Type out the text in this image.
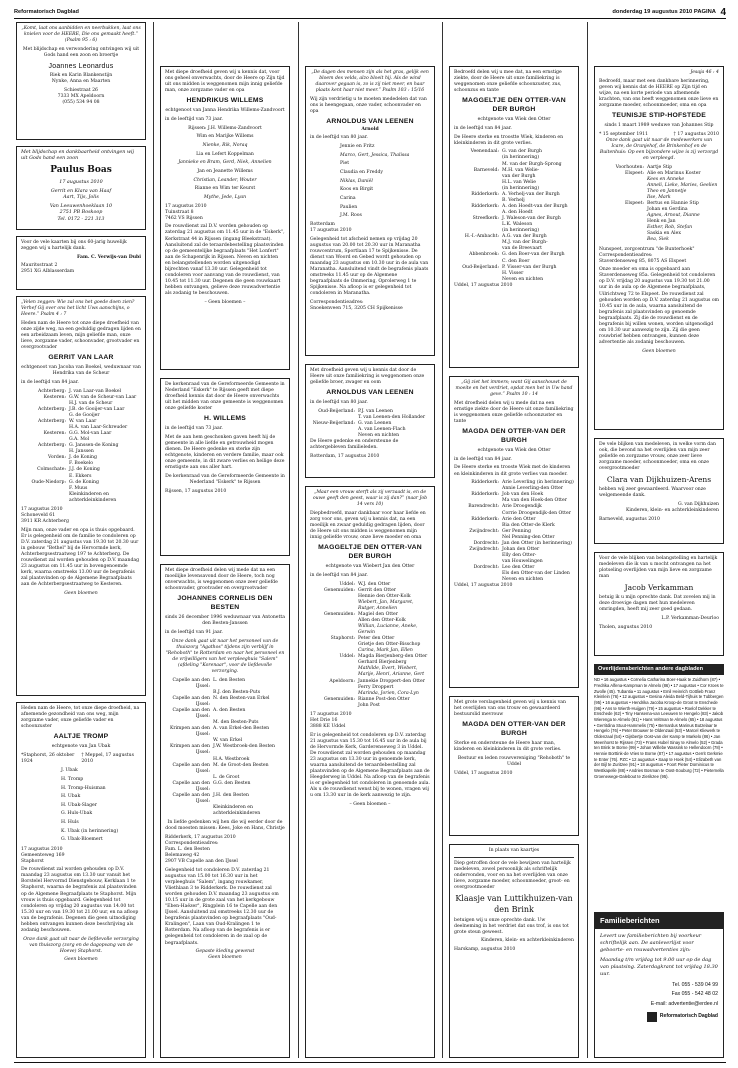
Reformatorisch Dagblad	donderdag 19 augustus 2010 PAGINA 4

„Komt, laat ons aanbidden en neerbukken, laat ons knielen voor de HEERE, Die ons gemaakt heeft.” (Psalm 95 : 6)

Met blijdschap en verwondering ontvingen wij uit Gods hand een zoon en broertje

Joannes Leonardus

Riek en Karin Blankenstijn
Nynke, Anna en Maarten

Schiestraat 26
7333 MX Apeldoorn
(055) 534 94 08

Met blijdschap en dankbaarheid ontvingen wij uit Gods hand een zoon

Paulus Boas

17 augustus 2010

Gerrit en Klara van Haaf
Aart, Tijs, Jolis

Van Leeuwenhoeklaan 10
2751 PB Boskoop
Tel. 0172 - 221 313

Voor de vele kaarten bij ons 60-jarig huwelijk zeggen wij u hartelijk dank.

Fam. C. Verwijs-van Dubi

Mauritsstraat 2
2951 XG Alblasserdam

„Velen zeggen: Wie zal ons het goede doen zien? Verhef Gij over ons het licht Uws aanschijns, o Heere.” Psalm 4 : 7

Heden nam de Heere tot onze diepe droefheid van onze zijde weg, na een geduldig gedragen lijden en een arbeidzaam leven, mijn geliefde man, onze lieve, zorgzame vader, schoonvader, grootvader en overgrootvader

GERRIT VAN LAAR

echtgenoot van Jacoba van Boekel, weduwnaar van Hendrika van de Scheur

in de leeftijd van 84 jaar.

Achterberg: J. van Laar-van Boekel
Kesteren: G.W. van de Scheur-van Laar
H.J. van de Scheur
Achterberg: J.B. de Gooijer-van Laar
G. de Gooijer
Achterberg: W. van Laar
H.A. van Laar-Schreuder
Kesteren: G.G. Mol-van Laar
G.A. Mol
Achterberg: G. Janssen-de Koning
H. Janssen
Vorden: J. de Koning
F. Boekelo
Colmschate: J.J. de Koning
E. Ekkers
Oude-Niedorp: G. de Koning
F. Muus
Kleinkinderen en
achterkleinkinderen

17 augustus 2010
Schoneveld 61
3911 KR Achterberg

Mijn man, onze vader en opa is thuis opgebaard. Er is gelegenheid om de familie te condoleren op D.V. zaterdag 21 augustus van 19.30 tot 20.30 uur in gebouw "Bethel" bij de Hervormde kerk, Achterbergsestraatweg 197 te Achterberg. De rouwdienst zal worden gehouden op D.V. maandag 23 augustus om 11.45 uur in bovengenoemde kerk, waarna omstreeks 13.00 uur de begrafenis zal plaatsvinden op de Algemene Begraafplaats aan de Achterbergsestraatweg te Kesteren.

Geen bloemen

Heden nam de Heere, tot onze diepe droefheid, na afnemende gezondheid van ons weg, mijn zorgzame vader, onze geliefde vader en schoonzuster

AALTJE TROMP

echtgenote van Jan Ubak

*Staphorst, 26 oktober 1924
† Meppel, 17 augustus 2010

J. Ubak

H. Tromp

H. Tromp-Huisman

H. Ubak

H. Ubak-Slager

G. Huls-Ubak

H. Huls

K. Ubak (in herinnering)

G. Ubak-Bloemert

17 augustus 2010
Gemeenteweg 169
Staphorst

De rouwdienst zal worden gehouden op D.V. maandag 23 augustus om 13.30 uur vanuit het Borstelel Hervormd Dienstgebouw, Kerklaan 1 te Staphorst, waarna de begrafenis zal plaatsvinden op de Algemene Begraafplaats te Staphorst. Mijn vrouw is thuis opgebaard. Gelegenheid tot condoleren op vrijdag 20 augustus van 14.00 tot 15.30 uur en van 19.30 tot 21.00 uur, en na afloop van de begrafenis. Degenen die geen uitnodiging hebben ontvangen kunnen deze beschrijving als zodanig beschouwen.

Onze dank gaat uit naar de liefdevolle verzorging van thuiszorg (zorg en de dagopvang van de Hoeve) Staphorst.

Geen bloemen

Met diepe droefheid geven wij u kennis dat, voor ons geheel onverwachts, door de Heere op Zijn tijd uit ons midden is weggenomen mijn innig geliefde man, onze zorgzame vader en opa

HENDRIKUS WILLEMS

echtgenoot van Janna Hendrika Willems-Zandvoort

in de leeftijd van 73 jaar.

Rijssen: J.H. Willems-Zandvoort

Wim en Marijke Willems

Nienke, Rik, Noraq

Lia en Lefert Koppelman

Jannieke en Bram, Gerd, Niek, Annelien

Jan en Jeanette Willems

Christian, Leander, Wouter

Rianne en Wim ter Keurst

Mythe, Jede, Lyan

17 augustus 2010
Tuinstraat 8
7462 VS Rijssen

De rouwdienst zal D.V. worden gehouden op zaterdag 21 augustus om 11.45 uur in de "Eskerk", Kerkstraat 44 in Rijssen (ingang Bleekstraat). Aansluitend zal de teraardebestelling plaatsvinden op de gemeentelijke begraafplaats "Het Lonfert" aan de Schapenrijk in Rijssen. Neven en nichten en belangstellenden worden uitgenodigd bijrechten vanaf 13.30 uur. Gelegenheid tot condoleren voor aanvang van de rouwdienst, van 10.45 tot 11.30 uur. Degenen die geen rouwkaart hebben ontvangen, gelieve deze rouwadvertentie als zodanig te beschouwen.

– Geen bloemen –

De kerkenraad van de Gereformeerde Gemeente in Nederland "Eskerk" te Rijssen geeft met diepe droefheid kennis dat door de Heere onverwachts uit het midden van onze gemeente is weggenomen onze geliefde koster

H. WILLEMS

in de leeftijd van 73 jaar.

Met de aan hem geschonken gaven heeft hij de gemeente in alle liefde en getrouwheid mogen dienen. De Heere gedenke en sterke zijn echtgenote, kinderen en verdere familie, maar ook onze gemeente, in dit zware verlies en heilige deze ernstigste aan ons aller hart.

De kerkenraad van de Gereformeerde Gemeente in Nederland "Eskerk" te Rijssen

Rijssen, 17 augustus 2010

Met diepe droefheid delen wij mede dat na een moeilijke levensavond door de Heere, toch nog onverwachts, is weggenomen onze zeer geliefde schoonvader, grootvader en overgrootvader

JOHANNES CORNELIS DEN BESTEN

sinds 26 december 1996 weduwnaar van Antonetta den Besten-Janssen

in de leeftijd van 91 jaar.

Onze dank gaat uit naar het personeel van de thuiszorg "Agathos" tijdens zijn verblijf in "Rehoboth" te Rotterdam en naar het personeel en de vrijwilligers van het verpleeghuis "Salem" (afdeling "Korenaar", voor de liefdevolle verzorging.

Capelle aan den IJssel:
L. den Besten
B.J. den Besten-Puts
Capelle aan den IJssel:
N. den Besten-van Erkel
Capelle aan den IJssel:
A. den Besten
M. den Besten-Puts
Krimpen aan den IJssel:
A. van Erkel-den Besten
W. van Erkel
Krimpen aan den IJssel:
J.W. Westbroek-den Besten
H.A. Westbroek
Capelle aan den IJssel:
M. de Groot-den Besten
L. de Groot
Capelle aan den IJssel:
G.G. den Besten
Capelle aan den IJssel:
J.H. den Besten
Kleinkinderen en achterkleinkinderen

In liefde gedenken wij hen die wij eerder door de dood moesten missen: Kees, Joke en Hans, Christje

Ridderkerk, 17 augustus 2010
Correspondentieadres:
Fam. L. den Besten
Belemaweg 42
2907 VB Capelle aan den IJssel

Gelegenheid tot condoleren D.V. zaterdag 21 augustus van 15.00 tot 16.30 uur in het verpleeghuis "Salem", ingang rouwkamer, Vliethlaan 3 te Ridderkerk. De rouwdienst zal worden gehouden D.V. maandag 23 augustus om 10.15 uur in de grote zaal van het kerkgebouw "Eben-Haëzer", Ringplein 16 te Capelle aan den IJssel. Aansluitend zal omstreeks 12.30 uur de begrafenis plaatsvinden op begraafplaats "Oud-Kralingen", Laan van Oud-Kralingen 1 te Rotterdam. Na afloop van de begrafenis is er gelegenheid tot condoleren in de zaal op de begraafplaats.

Gepaste kleding gewenst
Geen bloemen

„De dagen des mensen zijn als het gras, gelijk een bloem des velds, alzo bloeit hij. Als de wind daarover gegaan is, zo is zij niet meer, en haar plaats kent haar niet meer.” Psalm 103 : 15/16

Wij zijn verdrietig u te moeten mededelen dat van ons is heengegaan, onze vader, schoonvader en opa

ARNOLDUS VAN LEENEN

Arnold

in de leeftijd van 80 jaar.

Jennie en Fritz

Marco, Gert, Jessica, Thalissa

Piet

Claudia en Freddy

Niklas, Daniël

Koos en Birgit

Carina

Paulien

J.M. Roos

Rotterdam
17 augustus 2010

Gelegenheid tot afscheid nemen op vrijdag 20 augustus van 20.00 tot 20.30 uur in Maranatha rouwcentrum, Sportlaan 17 te Spijkenisse. De dienst van Woord en Gebed wordt gehouden op maandag 23 augustus om 10.30 uur in de aula van Maranatha. Aansluitend vindt de begrafenis plaats omstreeks 11.45 uur op de Algemene begraafplaats de Ommering, Oprolerweg 1 te Spijkenisse. Na afloop is er gelegenheid tot condoleren in Maranatha.

Correspondentieadres:
Snoekenveen 715, 3205 CH Spijkenisse

Met droefheid geven wij u kennis dat door de Heere uit onze familiekring is weggenomen onze geliefde broer, zwager en oom

ARNOLDUS VAN LEENEN

in de leeftijd van 80 jaar.

Oud-Beijerland: P.J. van Leenen
T. van Leenen-den Hollander
Nieuw-Beijerland: G. van Leenen
A. van Leenen-Flach
Neven en nichten

De Heere gedenke en ondersteune de achtergebleven familieleden.

Rotterdam, 17 augustus 2010

„Maar een vrouw sterft als zij verzaadt is, en de ouwe geeft den geest, waar is zij dan?” (naar Job 14 vers 10)

Diepbedroefd, maar dankbaar voor haar liefde en zorg voor ons, geven wij u kennis dat, na een moeilijk en zwaar geduldig gedragen lijden, door de Heere uit ons midden is weggenomen mijn innig geliefde vrouw, onze lieve moeder en oma

MAGGELTJE DEN OTTER-VAN DER BURGH

echtgenote van Wiebert Jan den Otter

in de leeftijd van 84 jaar.

Uddel: W.J. den Otter
Genemuiden: Gerrit den Otter
Hennie den Otter-Kolk
Wiebert, Jan, Margaret, Rutger, Annelien
Genemuiden: Magiel den Otter
Allen den Otter-Kolk
Willian, Lucianne, Aneke, Gerwin
Staphorst: Peter den Otter
Grietje den Otter-Bisschop
Carina, Mark Jan, Ellen
Uddel: Magda Bierjenberg-den Otter
Gerhard Bierjenberg
Mathilde, Evert, Wiebert, Marije, Henri, Arianne, Gert
Apeldoorn: Jannekie Droppert-den Otter
Ferry Droppert
Marinda, Jorien, Cora-Lyn
Genemuiden: Rianne Post-den Otter
John Post

17 augustus 2010
Het Drie 16
3888 KE Uddel

Er is gelegenheid tot condoleren op D.V. zaterdag 21 augustus van 15.30 tot 16.45 uur in de aula bij de Hervormde Kerk, Garderenseweg 3 in Uddel. De rouwdienst zal worden gehouden op maandag 23 augustus om 13.30 uur in genoemde kerk, waarna aansluitend de teraardebestelling zal plaatsvinden op de Algemene Begraafplaats aan de Heegderweg in Uddel. Na afloop van de begrafenis is er gelegenheid tot condoleren in genoemde aula. Als u de rouwdienst wenst bij te wonen, vragen wij u om 13.30 uur in de kerk aanwezig te zijn.

– Geen bloemen –

Bedroefd delen wij u mee dat, na een ernstige ziekte, door de Heere uit onze familiekring is weggenomen onze geliefde schoonzuster, zus, schoonzus en tante

MAGGELTJE DEN OTTER-VAN DER BURGH

echtgenote van Wiek den Otter

in de leeftijd van 84 jaar.

De Heere sterke en troostte Wiek, kinderen en kleinkinderen in dit grote verlies.

Veenendaal: G. van der Burgh
(in herinnering)
M. van der Burgh-Sprong
Barneveld: M.H. van Welie-
van der Burgh
H.L. van Welie
(in herinnering)
Ridderkerk: A. Verhelj-van der Burgh
B. Verhelj
Ridderkerk: A. den Hoedt-van der Burgh
A. den Hoedt
Streefkerk: J. Waleson-van der Burgh
L.K. Waleson
(in herinnering)
H.-I.-Ambacht: A.G. van der Burgh
M.J. van der Burgh-
van de Breevaart
Abbenbroek: G. den Boer-van der Burgh
C. den Boer
Oud-Beijerland: P. Visser-van der Burgh
H. Visser
Neven en nichten

Uddel, 17 augustus 2010

„Gij ziet het immers; want Gij aanschouwt de moeite en het verdriet, opdat men het in Uw hand geve.” Psalm 10 : 14

Met droefheid delen wij u mede dat na een ernstige ziekte door de Heere uit onze familiekring is weggenomen onze geliefde schoonzuster en tante

MAGDA DEN OTTER-VAN DER BURGH

echtgenote van Wiek den Otter

in de leeftijd van 84 jaar.

De Heere sterke en trooste Wiek met de kinderen en kleinkinderen in dit grote verlies van moeder.

Ridderkerk: Arie Leverling (in herinnering)
Annie Leverling-den Otter
Ridderkerk: Job van den Hoek
Ma van den Hoek-den Otter
Barendrecht: Arie Droogendijk
Corrie Droogendijk-den Otter
Ridderkerk: Arie den Otter
Bia den Otter-de Klerk
Zwijndrecht: Ger Penning
Nel Penning-den Otter
Dordrecht: Jan den Otter (in herinnering)
Zwijndrecht: Johan den Otter
Elly den Otter-
van Houwelingen
Dordrecht: Leo den Otter
Els den Otter-van der Linden
Neven en nichten

Uddel, 17 augustus 2010

Met grote verslagenheid geven wij u kennis van het overlijden van ons trouw en gewaardeerd bestuurslid mevrouw

MAGDA DEN OTTER-VAN DER BURGH

Sterke en ondersteune de Heere haar man, kinderen en kleinkinderen in dit grote verlies.

Bestuur en leden rouwvereniging "Rehoboth" te Uddel

Uddel, 17 augustus 2010

In plaats van kaartjes

Diep getroffen door de vele bewijzen van hartelijk medeleven, zowel persoonlijk als schriftelijk ondervonden, voor en na het overlijden van onze lieve, zorgzame moeder, schoonmoeder, groot- en overgrootmoeder

Klaasje van Luttikhuizen-van den Brink

betuigen wij u onze oprechte dank. Uw deelneming in het verdriet dat ons trof, is ons tot grote steun geweest.

Kinderen, klein- en achterkleinkinderen

Harskamp, augustus 2010

Jesaja 46 : 4

Bedroefd, maar met een dankbare herinnering, geven wij kennis dat de HEERE op Zijn tijd en wijze, na een korte periode van afnemende krachten, van ons heeft weggenomen onze lieve en zorgzame moeder, schoonmoeder, oma en opa

TEUNISJE STIP-HOFSTEDE

sinds 1 maart 1989 weduwe van Johannes Stip

* 15 september 1911	† 17 augustus 2010

Onze dank gaat uit naar de medewerkers van Icare, de Oranjehof, de Brinkenhof en de Buitenhuis: Op een bijzondere wijze is zij verzorgd en verpleegd.

Voorhouten: Aartje Stip
Elspeet: Alie en Marinus Koster
Kees en Anneke
Anneli, Lieke, Maries, Geelien
Theo en Jannetje
Ilse, Mark
Elspeet: Bertus en Hannie Stip
Johan en Gerdina
Agnes, Arnout, Dianne
Henk en Jan
Esther, Rob, Stefan
Saskia en Alex
Bea, Siek

Nunspeet, zorgcentrum "de Bunterhoek"
Correspondentieadres:
Staverdenseweg 85, 8075 AS Elspeet

Onze moeder en oma is opgebaard aan Staverdenseweg 85a. Gelegenheid tot condoleren op D.V. vrijdag 20 augustus van 19.30 tot 21.00 uur in de aula op de Algemene begraafplaats, Uilrichtweg 72 te Elspeet. De rouwdienst zal gehouden worden op D.V. zaterdag 21 augustus om 10.45 uur in de aula, waarna aansluitend de begrafenis zal plaatsvinden op genoemde begraafplaats. Zij die de rouwdienst en de begrafenis bij willen wonen, worden uitgenodigd om 10.30 uur aanwezig te zijn. Zij die geen rouwbrief hebben ontvangen, kunnen deze advertentie als zodanig beschouwen.

Geen bloemen

De vele blijken van medeleven, in welke vorm dan ook, die bevond na het overlijden van mijn zeer geliefde en zorgzame vrouw, onze zeer lieve zorgzame moeder, schoonmoeder, oma en onze overgrootmoeder

Clara van Dijkhuizen-Arens

hebben wij zeer gewaardeerd. Waarvoor onze welgemeende dank.

G. van Dijkhuizen
Kinderen, klein- en achterkleinkinderen

Barneveld, augustus 2010

Voor de vele blijken van belangstelling en hartelijk medeleven die ik van u mocht ontvangen na het plotseling overlijden van mijn lieve en zorgzame man

Jacob Verkamman

betuig ik u mijn oprechte dank. Dat zovelen mij in deze droevige dagen met hun medeleven omringden, heeft mij zeer goed gedaan.

L.P. Verkamman-Deurloo

Tholen, augustus 2010

Overlijdensberichten andere dagbladen

ND • 16 augustus • Cornelia Catharina Boer-Haak te Zuidhorn (87) • Fredrika Alfena-Kampman te Almelo (86) • 17 augustus • Cor Kroes te Zwolle (45). Tubantia • 11 augustus • Emil Heinrich Gottlieb Franz Kleinlein (76) • 12 augustus • Gesina Aleida Beld-Tijhuis te Tubbergen (95) • 16 augustus • Hendrika Jacoba Kroop-de Groot te Enschede (96) • Ans te Wierth-Huijgen (79) • 15 augustus • Roelof Dekker te Enschede (62) • Tiny Hansema-van Leeuwen te Hengelo (83) • Jakob Wierenga te Almelo (81) • Hans Veltman te Almelo (65) • 18 augustus • Gerritdina Stuut-Hammelis (75) • Bernardus Marinus Butzelaar te Hengelo (76) • Peter Brouwer te Oldenzaal (53) • Marcel Kliewerk te Oldenzaal (54) • Gijsbertje Oost-van der Kamp te Markelo (86) • Jan Meenhorst te Rijssen (73) • Frans Hubel Sinay te Almelo (52) • Grada ten Brink te Borne (99) • Johan Willebe Wassink te Hellendoorn (78) • Hennie Borttink-de Vries te Borne (87) • 17 augustus • Gerrit Gerkmie te Enter (76). PZC • 12 augustus • Saap te Hoek (54) • Elizabeth van der Bijl te Zuritzee (91) • 18 augustus • Foort Pieter Dominicus te Westkapelle (88) • Andries Bosman te Oost-Souburg (72) • Pieternella Groenewege-Dalebout te Zierikzee (95).

Familieberichten

Levert uw familieberichten bij voorkeur schriftelijk aan. De aanleverlijst voor geboorte- en rouwadvertenties zijn:

Maandag t/m vrijdag tot 9.00 uur op de dag van plaatsing. Zaterdagkrant tot vrijdag 18.30 uur.

Tel. 055 - 539 04 99

Fax 055 - 542 48 02

E-mail: advertentie@erdee.nl

Reformatorisch Dagblad
